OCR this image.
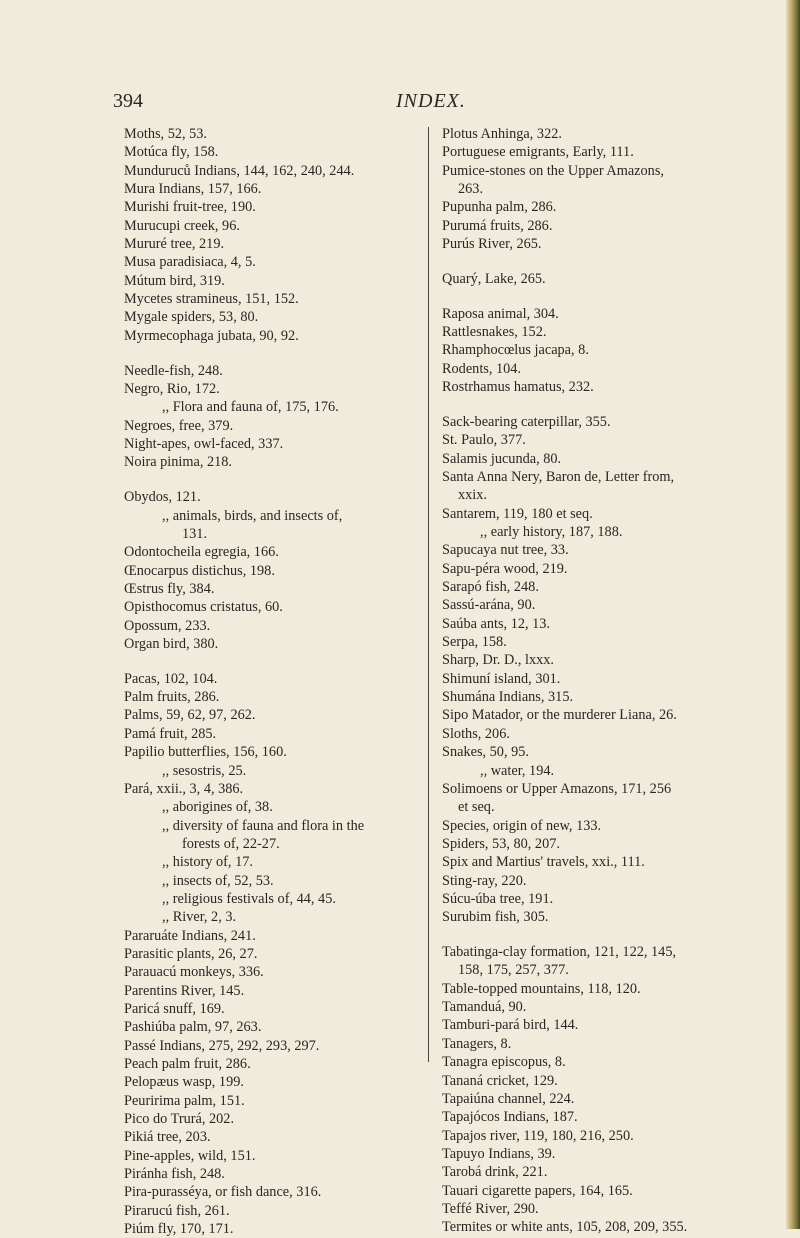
394	INDEX.
Moths, 52, 53.
Motúca fly, 158.
Munduruců Indians, 144, 162, 240, 244.
Mura Indians, 157, 166.
Murishi fruit-tree, 190.
Murucupi creek, 96.
Mururé tree, 219.
Musa paradisiaca, 4, 5.
Mútum bird, 319.
Mycetes stramineus, 151, 152.
Mygale spiders, 53, 80.
Myrmecophaga jubata, 90, 92.
Needle-fish, 248.
Negro, Rio, 172.
,, Flora and fauna of, 175, 176.
Negroes, free, 379.
Night-apes, owl-faced, 337.
Noira pinima, 218.
Obydos, 121.
,, animals, birds, and insects of,
131.
Odontocheila egregia, 166.
Œnocarpus distichus, 198.
Œstrus fly, 384.
Opisthocomus cristatus, 60.
Opossum, 233.
Organ bird, 380.
Pacas, 102, 104.
Palm fruits, 286.
Palms, 59, 62, 97, 262.
Pamá fruit, 285.
Papilio butterflies, 156, 160.
,, sesostris, 25.
Pará, xxii., 3, 4, 386.
,, aborigines of, 38.
,, diversity of fauna and flora in the
forests of, 22-27.
,, history of, 17.
,, insects of, 52, 53.
,, religious festivals of, 44, 45.
,, River, 2, 3.
Pararuáte Indians, 241.
Parasitic plants, 26, 27.
Parauacú monkeys, 336.
Parentins River, 145.
Paricá snuff, 169.
Pashiúba palm, 97, 263.
Passé Indians, 275, 292, 293, 297.
Peach palm fruit, 286.
Pelopæus wasp, 199.
Peuririma palm, 151.
Pico do Trurá, 202.
Pikiá tree, 203.
Pine-apples, wild, 151.
Piránha fish, 248.
Pira-purasséya, or fish dance, 316.
Pirarucú fish, 261.
Piúm fly, 170, 171.
Plotus Anhinga, 322.
Portuguese emigrants, Early, 111.
Pumice-stones on the Upper Amazons,
263.
Pupunha palm, 286.
Purumá fruits, 286.
Purús River, 265.
Quarý, Lake, 265.
Raposa animal, 304.
Rattlesnakes, 152.
Rhamphocœlus jacapa, 8.
Rodents, 104.
Rostrhamus hamatus, 232.
Sack-bearing caterpillar, 355.
St. Paulo, 377.
Salamis jucunda, 80.
Santa Anna Nery, Baron de, Letter from,
xxix.
Santarem, 119, 180 et seq.
,, early history, 187, 188.
Sapucaya nut tree, 33.
Sapu-péra wood, 219.
Sarapó fish, 248.
Sassú-arána, 90.
Saúba ants, 12, 13.
Serpa, 158.
Sharp, Dr. D., lxxx.
Shimuní island, 301.
Shumána Indians, 315.
Sipo Matador, or the murderer Liana, 26.
Sloths, 206.
Snakes, 50, 95.
,, water, 194.
Solimoens or Upper Amazons, 171, 256
et seq.
Species, origin of new, 133.
Spiders, 53, 80, 207.
Spix and Martius' travels, xxi., 111.
Sting-ray, 220.
Súcu-úba tree, 191.
Surubim fish, 305.
Tabatinga-clay formation, 121, 122, 145,
158, 175, 257, 377.
Table-topped mountains, 118, 120.
Tamanduá, 90.
Tamburi-pará bird, 144.
Tanagers, 8.
Tanagra episcopus, 8.
Tananá cricket, 129.
Tapaiúna channel, 224.
Tapajócos Indians, 187.
Tapajos river, 119, 180, 216, 250.
Tapuyo Indians, 39.
Tarobá drink, 221.
Tauari cigarette papers, 164, 165.
Teffé River, 290.
Termites or white ants, 105, 208, 209, 355.
